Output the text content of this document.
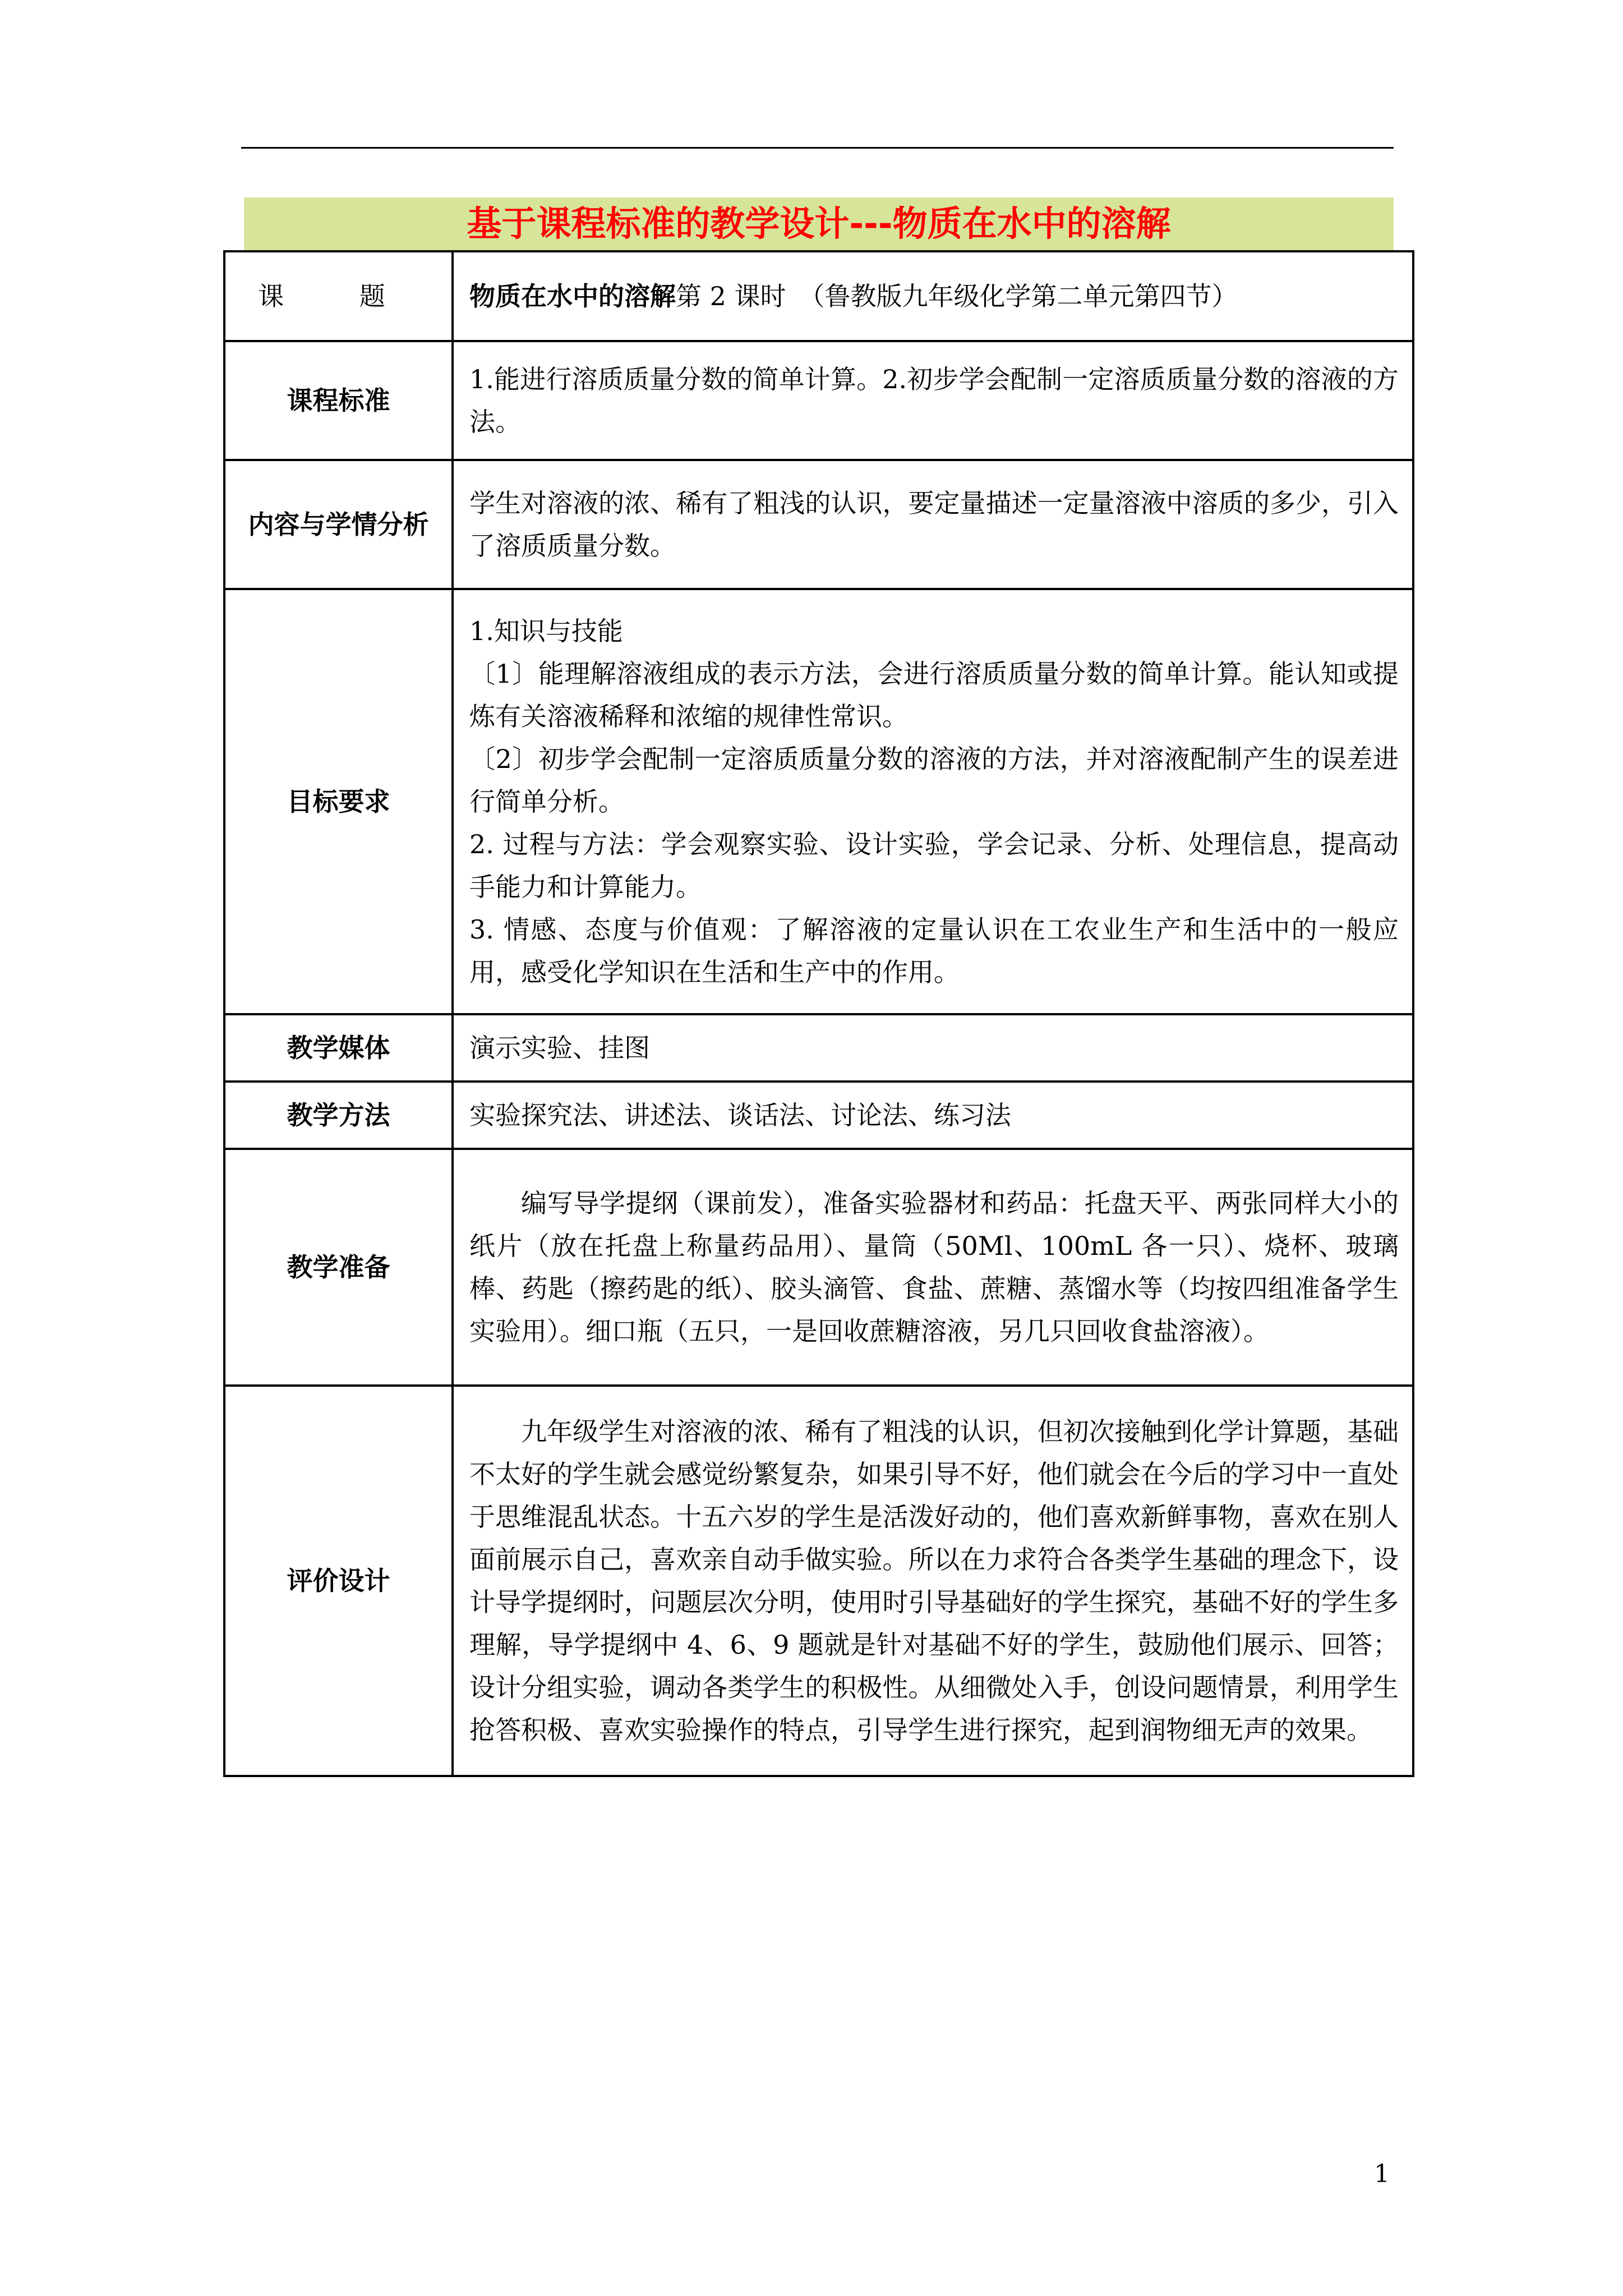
基于课程标准的教学设计---物质在水中的溶解
课 题	物质在水中的溶解第 2 课时　（鲁教版九年级化学第二单元第四节）
课程标准	1.能进行溶质质量分数的简单计算。2.初步学会配制一定溶质质量分数的溶液的方法。
内容与学情分析	学生对溶液的浓、稀有了粗浅的认识，要定量描述一定量溶液中溶质的多少，引入了溶质质量分数。
目标要求	1.知识与技能
〔1〕能理解溶液组成的表示方法，会进行溶质质量分数的简单计算。能认知或提炼有关溶液稀释和浓缩的规律性常识。
〔2〕初步学会配制一定溶质质量分数的溶液的方法，并对溶液配制产生的误差进行简单分析。
2. 过程与方法：学会观察实验、设计实验，学会记录、分析、处理信息，提高动手能力和计算能力。
3. 情感、态度与价值观：了解溶液的定量认识在工农业生产和生活中的一般应用，感受化学知识在生活和生产中的作用。

教学媒体	演示实验、挂图
教学方法	实验探究法、讲述法、谈话法、讨论法、练习法
教学准备	编写导学提纲（课前发），准备实验器材和药品：托盘天平、两张同样大小的纸片（放在托盘上称量药品用）、量筒（50Ml、100mL 各一只）、烧杯、玻璃棒、药匙（擦药匙的纸）、胶头滴管、食盐、蔗糖、蒸馏水等（均按四组准备学生实验用）。细口瓶（五只，一是回收蔗糖溶液，另几只回收食盐溶液）。
评价设计	九年级学生对溶液的浓、稀有了粗浅的认识，但初次接触到化学计算题，基础不太好的学生就会感觉纷繁复杂，如果引导不好，他们就会在今后的学习中一直处于思维混乱状态。十五六岁的学生是活泼好动的，他们喜欢新鲜事物，喜欢在别人面前展示自己，喜欢亲自动手做实验。所以在力求符合各类学生基础的理念下，设计导学提纲时，问题层次分明，使用时引导基础好的学生探究，基础不好的学生多理解，导学提纲中 4、6、9 题就是针对基础不好的学生，鼓励他们展示、回答；设计分组实验，调动各类学生的积极性。从细微处入手，创设问题情景，利用学生抢答积极、喜欢实验操作的特点，引导学生进行探究，起到润物细无声的效果。
1
